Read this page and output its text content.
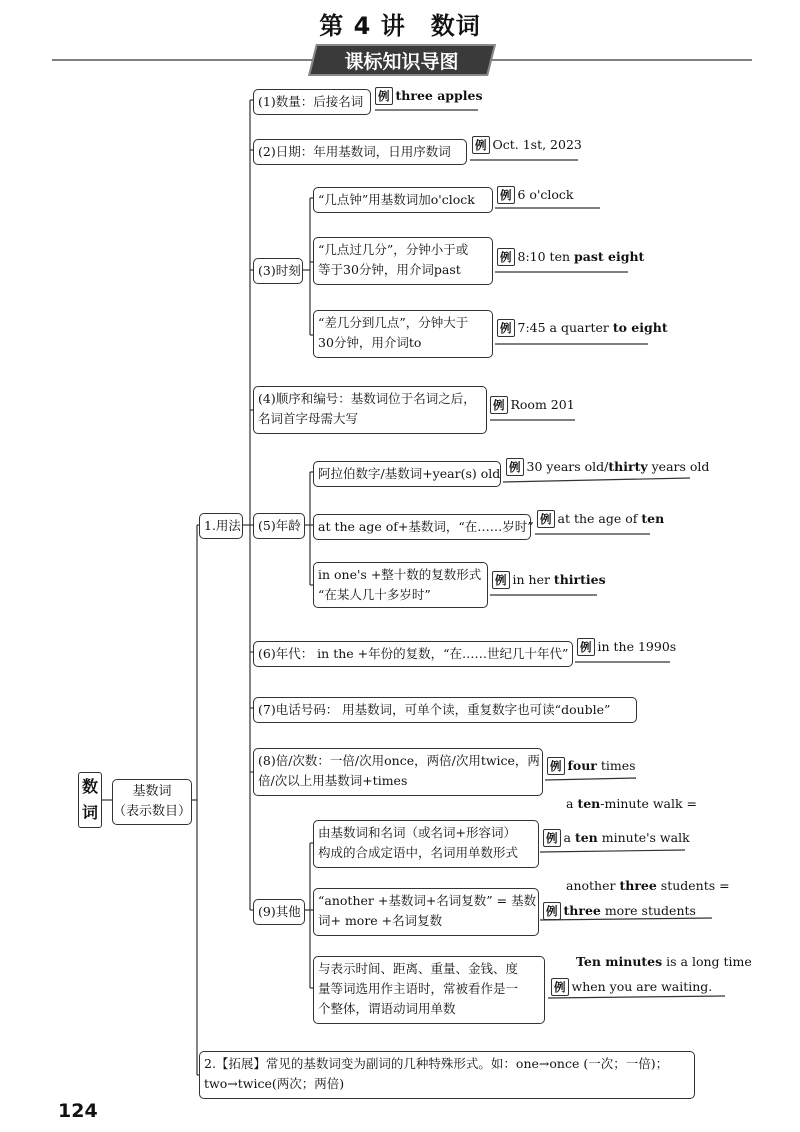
第 4 讲　数词
课标知识导图
数
词
基数词
（表示数目）
1.用法
(1)数量：后接名词	例 three apples
(2)日期：年用基数词，日用序数词	例 Oct. 1st, 2023
(3)时刻
“几点钟”用基数词加o'clock	例 6 o'clock
“几点过几分”，分钟小于或
等于30分钟，用介词past
例 8:10 ten past eight
“差几分到几点”，分钟大于
30分钟，用介词to
例 7:45 a quarter to eight
(4)顺序和编号：基数词位于名词之后，
名词首字母需大写
例 Room 201
(5)年龄
阿拉伯数字/基数词+year(s) old 例 30 years old/thirty years old
at the age of+基数词，“在……岁时” 例 at the age of ten
in one's +整十数的复数形式
“在某人几十多岁时”
例 in her thirties
(6)年代： in the +年份的复数，“在……世纪几十年代”	例 in the 1990s
(7)电话号码： 用基数词，可单个读，重复数字也可读“double”
(8)倍/次数：一倍/次用once，两倍/次用twice，两
倍/次以上用基数词+times
例 four times
(9)其他
由基数词和名词（或名词+形容词）
构成的合成定语中，名词用单数形式
a ten-minute walk =
例 a ten minute's walk
“another +基数词+名词复数” = 基数
词+ more +名词复数
another three students =
例 three more students
与表示时间、距离、重量、金钱、度
量等词选用作主语时，常被看作是一
个整体，谓语动词用单数
Ten minutes is a long time
例 when you are waiting.
2.【拓展】常见的基数词变为副词的几种特殊形式。如：one→once (一次；一倍)；
two→twice(两次；两倍)
124
